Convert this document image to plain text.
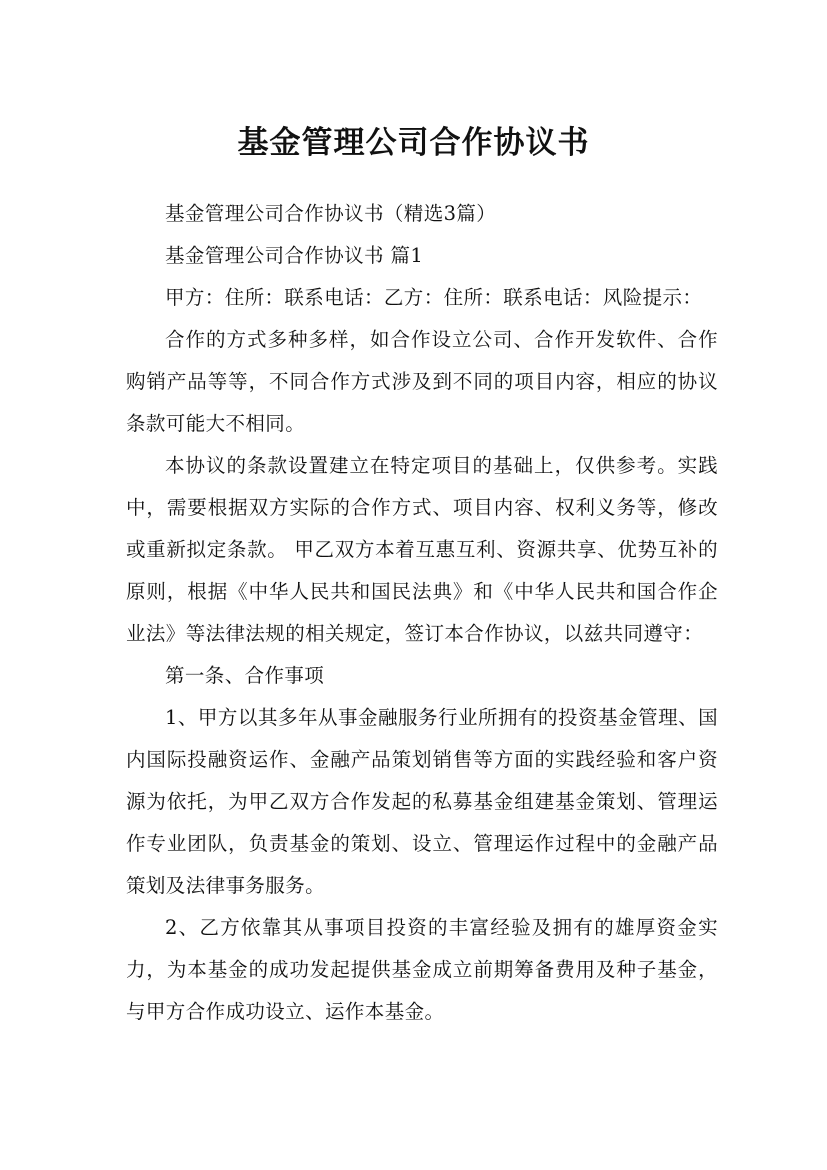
基金管理公司合作协议书

基金管理公司合作协议书（精选3篇）

基金管理公司合作协议书 篇1

甲方：住所：联系电话：乙方：住所：联系电话：风险提示：

合作的方式多种多样，如合作设立公司、合作开发软件、合作购销产品等等，不同合作方式涉及到不同的项目内容，相应的协议条款可能大不相同。

本协议的条款设置建立在特定项目的基础上，仅供参考。实践中，需要根据双方实际的合作方式、项目内容、权利义务等，修改或重新拟定条款。 甲乙双方本着互惠互利、资源共享、优势互补的原则，根据《中华人民共和国民法典》和《中华人民共和国合作企业法》等法律法规的相关规定，签订本合作协议，以兹共同遵守：

第一条、合作事项

1、甲方以其多年从事金融服务行业所拥有的投资基金管理、国内国际投融资运作、金融产品策划销售等方面的实践经验和客户资源为依托，为甲乙双方合作发起的私募基金组建基金策划、管理运作专业团队，负责基金的策划、设立、管理运作过程中的金融产品策划及法律事务服务。

2、乙方依靠其从事项目投资的丰富经验及拥有的雄厚资金实力，为本基金的成功发起提供基金成立前期筹备费用及种子基金，与甲方合作成功设立、运作本基金。
